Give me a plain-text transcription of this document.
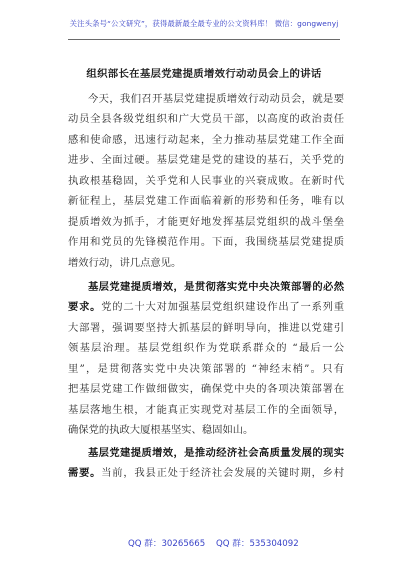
关注头条号“公文研究”，获得最新最全最专业的公文资料库！ 微信：gongwenyj
组织部长在基层党建提质增效行动动员会上的讲话
今天，我们召开基层党建提质增效行动动员会，就是要
动员全县各级党组织和广大党员干部，以高度的政治责任
感和使命感，迅速行动起来，全力推动基层党建工作全面
进步、全面过硬。基层党建是党的建设的基石，关乎党的
执政根基稳固，关乎党和人民事业的兴衰成败。在新时代
新征程上，基层党建工作面临着新的形势和任务，唯有以
提质增效为抓手，才能更好地发挥基层党组织的战斗堡垒
作用和党员的先锋模范作用。下面，我围绕基层党建提质
增效行动，讲几点意见。
基层党建提质增效，是贯彻落实党中央决策部署的必然
要求。党的二十大对加强基层党组织建设作出了一系列重
大部署，强调要坚持大抓基层的鲜明导向，推进以党建引
领基层治理。基层党组织作为党联系群众的 “最后一公
里”，是贯彻落实党中央决策部署的 “神经末梢”。只有
把基层党建工作做细做实，确保党中央的各项决策部署在
基层落地生根，才能真正实现党对基层工作的全面领导，
确保党的执政大厦根基坚实、稳固如山。
基层党建提质增效，是推动经济社会高质量发展的现实
需要。当前，我县正处于经济社会发展的关键时期，乡村
QQ 群：30265665 QQ 群：535304092
